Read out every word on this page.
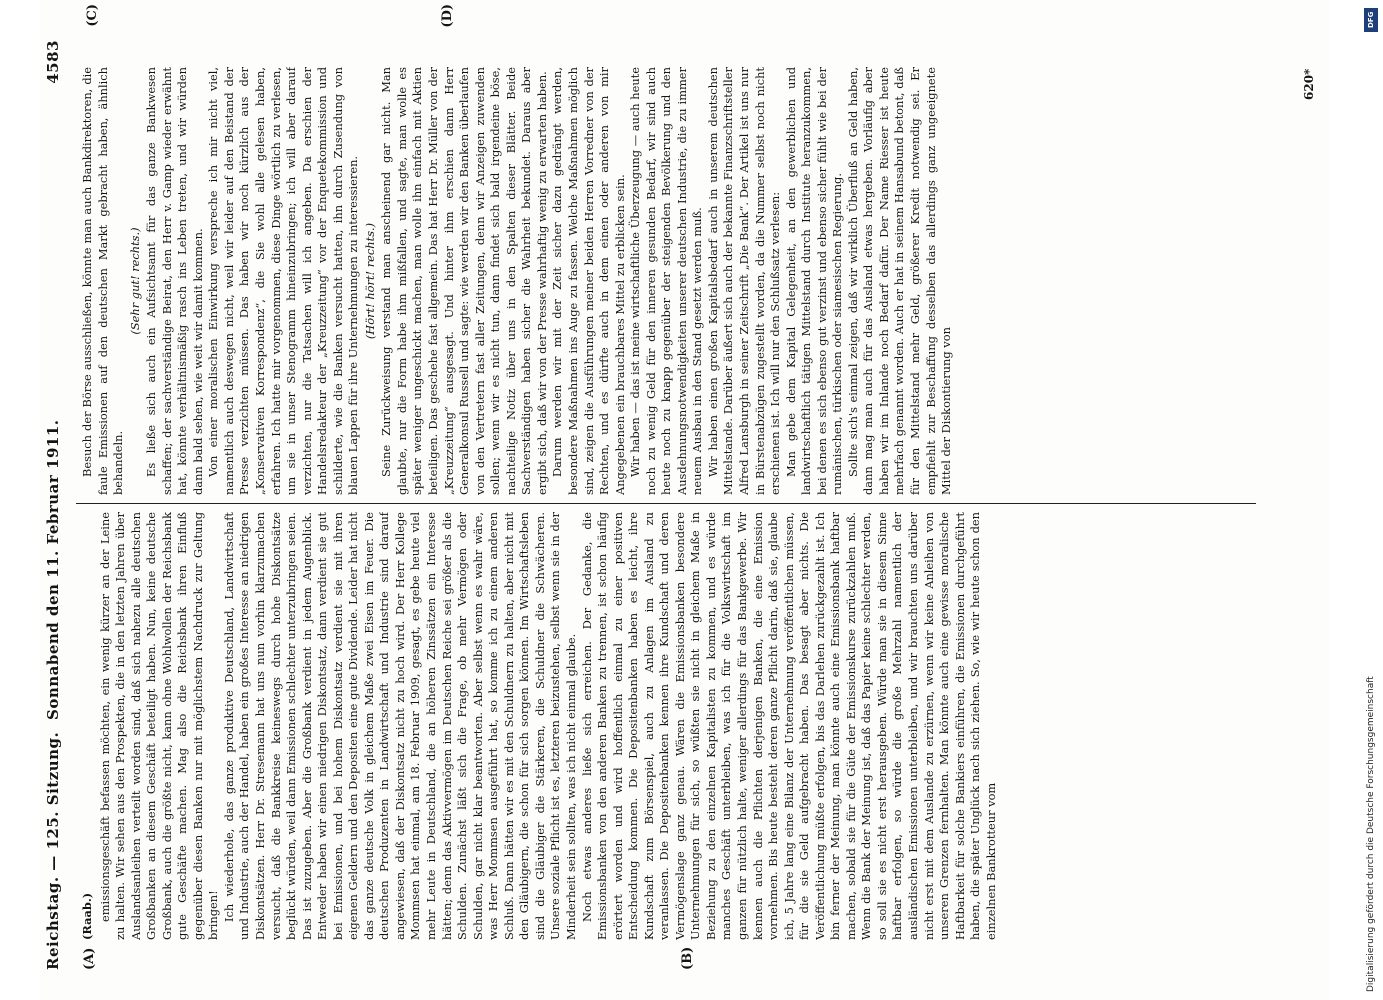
Reichstag. — 125. Sitzung.
Sonnabend den 11. Februar 1911.
4583
(A)	(B)
(C)	(D)

(Raab.) emissionsgeschäft befassen möchten, ein wenig kürzer an der Leine zu halten. Wir sehen aus den Prospekten, die in den letzten Jahren über Auslandsanleihen verteilt worden sind, daß sich nahezu alle deutschen Großbanken an diesem Geschäft beteiligt haben. Nun, keine deutsche Großbank, auch die größte nicht, kann ohne Wohlwollen der Reichsbank gute Geschäfte machen. Mag also die Reichsbank ihren Einfluß gegenüber diesen Banken nur mit möglichstem Nachdruck zur Geltung bringen! Ich wiederhole, das ganze produktive Deutschland, Landwirtschaft und Industrie, auch der Handel, haben ein großes Interesse an niedrigen Diskontsätzen. Herr Dr. Stresemann hat uns nun vorhin klarzumachen versucht, daß die Bankkreise keineswegs durch hohe Diskontsätze beglückt würden, weil dann Emissionen schlechter unterzubringen seien. Das ist zuzugeben. Aber die Großbank verdient in jedem Augenblick. Entweder haben wir einen niedrigen Diskontsatz, dann verdient sie gut bei Emissionen, und bei hohem Diskontsatz verdient sie mit ihren eigenen Geldern und den Depositen eine gute Dividende. Leider hat nicht das ganze deutsche Volk in gleichem Maße zwei Eisen im Feuer. Die deutschen Produzenten in Landwirtschaft und Industrie sind darauf angewiesen, daß der Diskontsatz nicht zu hoch wird. Der Herr Kollege Mommsen hat einmal, am 18. Februar 1909, gesagt, es gebe heute viel mehr Leute in Deutschland, die an höheren Zinssätzen ein Interesse hätten; denn das Aktivvermögen im Deutschen Reiche sei größer als die Schulden. Zunächst läßt sich die Frage, ob mehr Vermögen oder Schulden, gar nicht klar beantworten. Aber selbst wenn es wahr wäre, was Herr Mommsen ausgeführt hat, so komme ich zu einem anderen Schluß. Dann hätten wir es mit den Schuldnern zu halten, aber nicht mit den Gläubigern, die schon für sich sorgen können. Im Wirtschaftsleben sind die Gläubiger die Stärkeren, die Schuldner die Schwächeren. Unsere soziale Pflicht ist es, letzteren beizustehen, selbst wenn sie in der Minderheit sein sollten, was ich nicht einmal glaube. Noch etwas anderes ließe sich erreichen. Der Gedanke, die Emissionsbanken von den anderen Banken zu trennen, ist schon häufig erörtert worden und wird hoffentlich einmal zu einer positiven Entscheidung kommen. Die Depositenbanken haben es leicht, ihre Kundschaft zum Börsenspiel, auch zu Anlagen im Ausland zu veranlassen. Die Depositenbanken kennen ihre Kundschaft und deren Vermögenslage ganz genau. Wären die Emissionsbanken besondere Unternehmungen für sich, so wüßten sie nicht in gleichem Maße in Beziehung zu den einzelnen Kapitalisten zu kommen, und es würde manches Geschäft unterbleiben, was ich für die Volkswirtschaft im ganzen für nützlich halte, weniger allerdings für das Bankgewerbe. Wir kennen auch die Pflichten derjenigen Banken, die eine Emission vornehmen. Bis heute besteht deren ganze Pflicht darin, daß sie, glaube ich, 5 Jahre lang eine Bilanz der Unternehmung veröffentlichen müssen, für die sie Geld aufgebracht haben. Das besagt aber nichts. Die Veröffentlichung müßte erfolgen, bis das Darlehen zurückgezahlt ist. Ich bin ferner der Meinung, man könnte auch eine Emissionsbank haftbar machen, sobald sie für die Güte der Emissionskurse zurückzahlen muß. Wenn die Bank der Meinung ist, daß das Papier keine schlechter werden, so soll sie es nicht erst herausgeben. Würde man sie in diesem Sinne haftbar erfolgen, so würde die große Mehrzahl namentlich der ausländischen Emissionen unterbleiben, und wir brauchten uns darüber nicht erst mit dem Auslande zu erzürnen, wenn wir keine Anleihen von unseren Grenzen fernhalten. Man könnte auch eine gewisse moralische Haftbarkeit für solche Bankiers einführen, die Emissionen durchgeführt haben, die später Unglück nach sich ziehen. So, wie wir heute schon den einzelnen Bankrotteur vom

Besuch der Börse ausschließen, könnte man auch Bankdirektoren, die faule Emissionen auf den deutschen Markt gebracht haben, ähnlich behandeln.

(Sehr gut! rechts.) Es ließe sich auch ein Aufsichtsamt für das ganze Bankwesen schaffen; der sachverständige Beirat, den Herr v. Gamp wieder erwähnt hat, könnte verhältnismäßig rasch ins Leben treten, und wir würden dann bald sehen, wie weit wir damit kommen. Von einer moralischen Einwirkung verspreche ich mir nicht viel, namentlich auch deswegen nicht, weil wir leider auf den Beistand der Presse verzichten müssen. Das haben wir noch kürzlich aus der „Konservativen Korrespondenz“, die Sie wohl alle gelesen haben, erfahren. Ich hatte mir vorgenommen, diese Dinge wörtlich zu verlesen, um sie in unser Stenogramm hineinzubringen; ich will aber darauf verzichten, nur die Tatsachen will ich angeben. Da erschien der Handelsredakteur der „Kreuzzeitung“ vor der Enquetekommission und schilderte, wie die Banken versucht hatten, ihn durch Zusendung von blauen Lappen für ihre Unternehmungen zu interessieren. (Hört! hört! rechts.) Seine Zurückweisung verstand man anscheinend gar nicht. Man glaubte, nur die Form habe ihm mißfallen, und sagte, man wolle es später weniger ungeschickt machen, man wolle ihn einfach mit Aktien beteiligen. Das geschehe fast allgemein. Das hat Herr Dr. Müller von der „Kreuzzeitung“ ausgesagt. Und hinter ihm erschien dann Herr Generalkonsul Russell und sagte: wie werden wir den Banken überlaufen von den Vertretern fast aller Zeitungen, denn wir Anzeigen zuwenden sollen; wenn wir es nicht tun, dann findet sich bald irgendeine böse, nachteilige Notiz über uns in den Spalten dieser Blätter. Beide Sachverständigen haben sicher die Wahrheit bekundet. Daraus aber ergibt sich, daß wir von der Presse wahrhaftig wenig zu erwarten haben. Darum werden wir mit der Zeit sicher dazu gedrängt werden, besondere Maßnahmen ins Auge zu fassen. Welche Maßnahmen möglich sind, zeigen die Ausführungen meiner beiden Herren Vorredner von der Rechten, und es dürfte auch in dem einen oder anderen von mir Angegebenen ein brauchbares Mittel zu erblicken sein. Wir haben — das ist meine wirtschaftliche Überzeugung — auch heute noch zu wenig Geld für den inneren gesunden Bedarf, wir sind auch heute noch zu knapp gegenüber der steigenden Bevölkerung und den Ausdehnungsnotwendigkeiten unserer deutschen Industrie, die zu immer neuem Ausbau in den Stand gesetzt werden muß. Wir haben einen großen Kapitalsbedarf auch in unserem deutschen Mittelstande. Darüber äußert sich auch der bekannte Finanzschriftsteller Alfred Lansburgh in seiner Zeitschrift „Die Bank“. Der Artikel ist uns nur in Bürstenabzügen zugestellt worden, da die Nummer selbst noch nicht erschienen ist. Ich will nur den Schlußsatz verlesen: Man gebe dem Kapital Gelegenheit, an den gewerblichen und landwirtschaftlich tätigen Mittelstand durch Institute heranzukommen, bei denen es sich ebenso gut verzinst und ebenso sicher fühlt wie bei der rumänischen, türkischen oder siamesischen Regierung. Sollte sich's einmal zeigen, daß wir wirklich Überfluß an Geld haben, dann mag man auch für das Ausland etwas hergeben. Vorläufig aber haben wir im Inlande noch Bedarf dafür. Der Name Riesser ist heute mehrfach genannt worden. Auch er hat in seinem Hansabund betont, daß für den Mittelstand mehr Geld, größerer Kredit notwendig sei. Er empfiehlt zur Beschaffung desselben das allerdings ganz ungeeignete Mittel der Diskontierung von

620*
DFG
Digitalisierung gefördert durch die Deutsche Forschungsgemeinschaft
